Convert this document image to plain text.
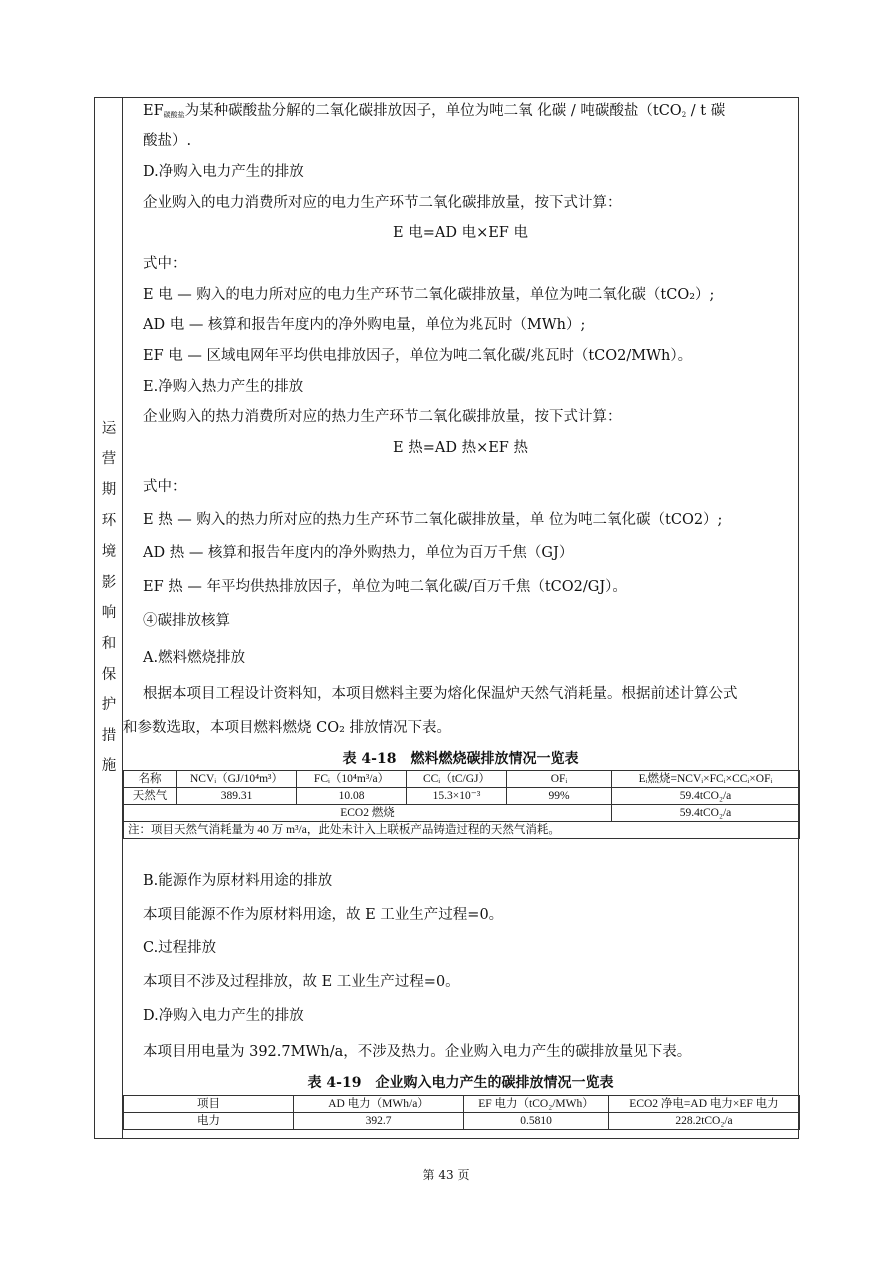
运
营
期
环
境
影
响
和
保
护
措
施
$EF_{碳酸盐}$为某种碳酸盐分解的二氧化碳排放因子，单位为吨二氧 化碳 / 吨碳酸盐（tCO$_2$ / t 碳
酸盐）.
D.净购入电力产生的排放
企业购入的电力消费所对应的电力生产环节二氧化碳排放量，按下式计算：
E 电=AD 电×EF 电
式中：
E 电 — 购入的电力所对应的电力生产环节二氧化碳排放量，单位为吨二氧化碳（tCO₂）;
AD 电 — 核算和报告年度内的净外购电量，单位为兆瓦时（MWh）;
EF 电 — 区域电网年平均供电排放因子，单位为吨二氧化碳/兆瓦时（tCO2/MWh）。
E.净购入热力产生的排放
企业购入的热力消费所对应的热力生产环节二氧化碳排放量，按下式计算：
E 热=AD 热×EF 热
式中：
E 热 — 购入的热力所对应的热力生产环节二氧化碳排放量，单 位为吨二氧化碳（tCO2）;
AD 热 — 核算和报告年度内的净外购热力，单位为百万千焦（GJ）
EF 热 — 年平均供热排放因子，单位为吨二氧化碳/百万千焦（tCO2/GJ）。
④碳排放核算
A.燃料燃烧排放
根据本项目工程设计资料知，本项目燃料主要为熔化保温炉天然气消耗量。根据前述计算公式
和参数选取，本项目燃料燃烧 CO₂ 排放情况下表。
表 4-18　燃料燃烧碳排放情况一览表
名称	NCVᵢ（GJ/10⁴m³）	FCᵢ（10⁴m³/a）	CCᵢ（tC/GJ）	OFᵢ	Eᵢ燃烧=NCVᵢ×FCᵢ×CCᵢ×OFᵢ
天然气	389.31	10.08	15.3×10⁻³	99%	59.4tCO₂/a
ECO2 燃烧					59.4tCO₂/a
注：项目天然气消耗量为 40 万 m³/a，此处未计入上联板产品铸造过程的天然气消耗。					
B.能源作为原材料用途的排放
本项目能源不作为原材料用途，故 E 工业生产过程=0。
C.过程排放
本项目不涉及过程排放，故 E 工业生产过程=0。
D.净购入电力产生的排放
本项目用电量为 392.7MWh/a，不涉及热力。企业购入电力产生的碳排放量见下表。
表 4-19　企业购入电力产生的碳排放情况一览表
项目	AD 电力（MWh/a）	EF 电力（tCO₂/MWh）	ECO2 净电=AD 电力×EF 电力
电力	392.7	0.5810	228.2tCO₂/a
第 43 页
